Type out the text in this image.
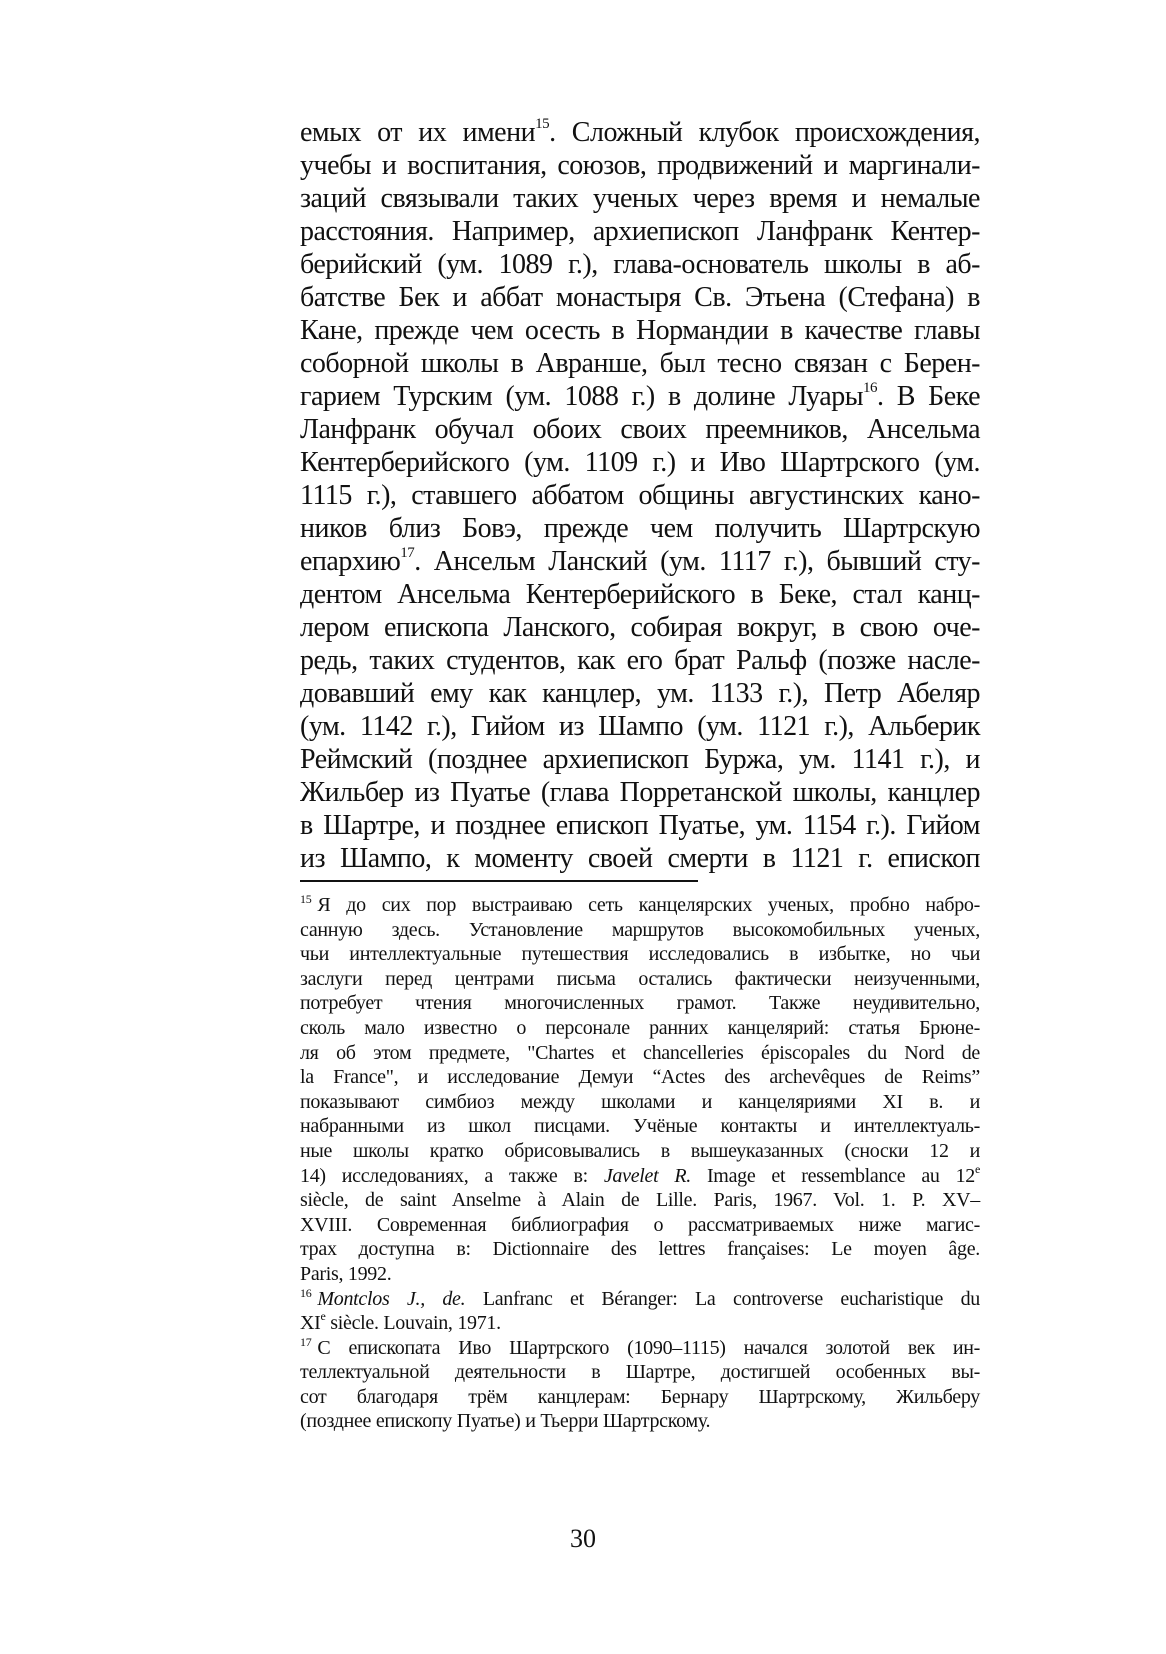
емых от их имени$^{15}$. Сложный клубок происхождения,
учебы и воспитания, союзов, продвижений и маргинали-
заций связывали таких ученых через время и немалые
расстояния. Например, архиепископ Ланфранк Кентер-
берийский (ум. 1089 г.), глава-основатель школы в аб-
батстве Бек и аббат монастыря Св. Этьена (Стефана) в
Кане, прежде чем осесть в Нормандии в качестве главы
соборной школы в Авранше, был тесно связан с Берен-
гарием Турским (ум. 1088 г.) в долине Луары$^{16}$. В Беке
Ланфранк обучал обоих своих преемников, Ансельма
Кентерберийского (ум. 1109 г.) и Иво Шартрского (ум.
1115 г.), ставшего аббатом общины августинских кано-
ников близ Бовэ, прежде чем получить Шартрскую
епархию$^{17}$. Ансельм Ланский (ум. 1117 г.), бывший сту-
дентом Ансельма Кентерберийского в Беке, стал канц-
лером епископа Ланского, собирая вокруг, в свою оче-
редь, таких студентов, как его брат Ральф (позже насле-
довавший ему как канцлер, ум. 1133 г.), Петр Абеляр
(ум. 1142 г.), Гийом из Шампо (ум. 1121 г.), Альберик
Реймский (позднее архиепископ Буржа, ум. 1141 г.), и
Жильбер из Пуатье (глава Порретанской школы, канцлер
в Шартре, и позднее епископ Пуатье, ум. 1154 г.). Гийом
из Шампо, к моменту своей смерти в 1121 г. епископ
$^{15}$ Я до сих пор выстраиваю сеть канцелярских ученых, пробно набро-
санную здесь. Установление маршрутов высокомобильных ученых,
чьи интеллектуальные путешествия исследовались в избытке, но чьи
заслуги перед центрами письма остались фактически неизученными,
потребует чтения многочисленных грамот. Также неудивительно,
сколь мало известно о персонале ранних канцелярий: статья Брюне-
ля об этом предмете, "Chartes et chancelleries épiscopales du Nord de
la France", и исследование Демуи “Actes des archevêques de Reims”
показывают симбиоз между школами и канцеляриями XI в. и
набранными из школ писцами. Учёные контакты и интеллектуаль-
ные школы кратко обрисовывались в вышеуказанных (сноски 12 и
14) исследованиях, а также в: Javelet R. Image et ressemblance au 12e
siècle, de saint Anselme à Alain de Lille. Paris, 1967. Vol. 1. P. XV–
XVIII. Современная библиография о рассматриваемых ниже магис-
трах доступна в: Dictionnaire des lettres françaises: Le moyen âge.
Paris, 1992.
$^{16}$ Montclos J., de. Lanfranc et Béranger: La controverse eucharistique du
XIe siècle. Louvain, 1971.
$^{17}$ С епископата Иво Шартрского (1090–1115) начался золотой век ин-
теллектуальной деятельности в Шартре, достигшей особенных вы-
сот благодаря трём канцлерам: Бернару Шартрскому, Жильберу
(позднее епископу Пуатье) и Тьерри Шартрскому.
30
